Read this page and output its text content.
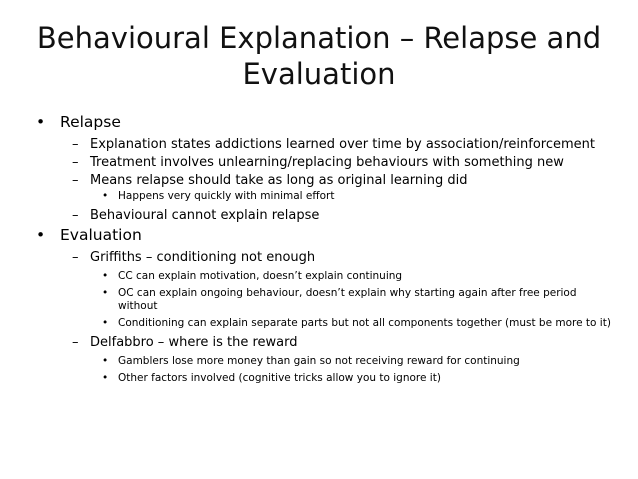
Behavioural Explanation – Relapse and Evaluation
• Relapse
– Explanation states addictions learned over time by association/reinforcement
– Treatment involves unlearning/replacing behaviours with something new
– Means relapse should take as long as original learning did
• Happens very quickly with minimal effort
– Behavioural cannot explain relapse
• Evaluation
– Griffiths – conditioning not enough
• CC can explain motivation, doesn’t explain continuing
• OC can explain ongoing behaviour, doesn’t explain why starting again after free period without
• Conditioning can explain separate parts but not all components together (must be more to it)
– Delfabbro – where is the reward
• Gamblers lose more money than gain so not receiving reward for continuing
• Other factors involved (cognitive tricks allow you to ignore it)
